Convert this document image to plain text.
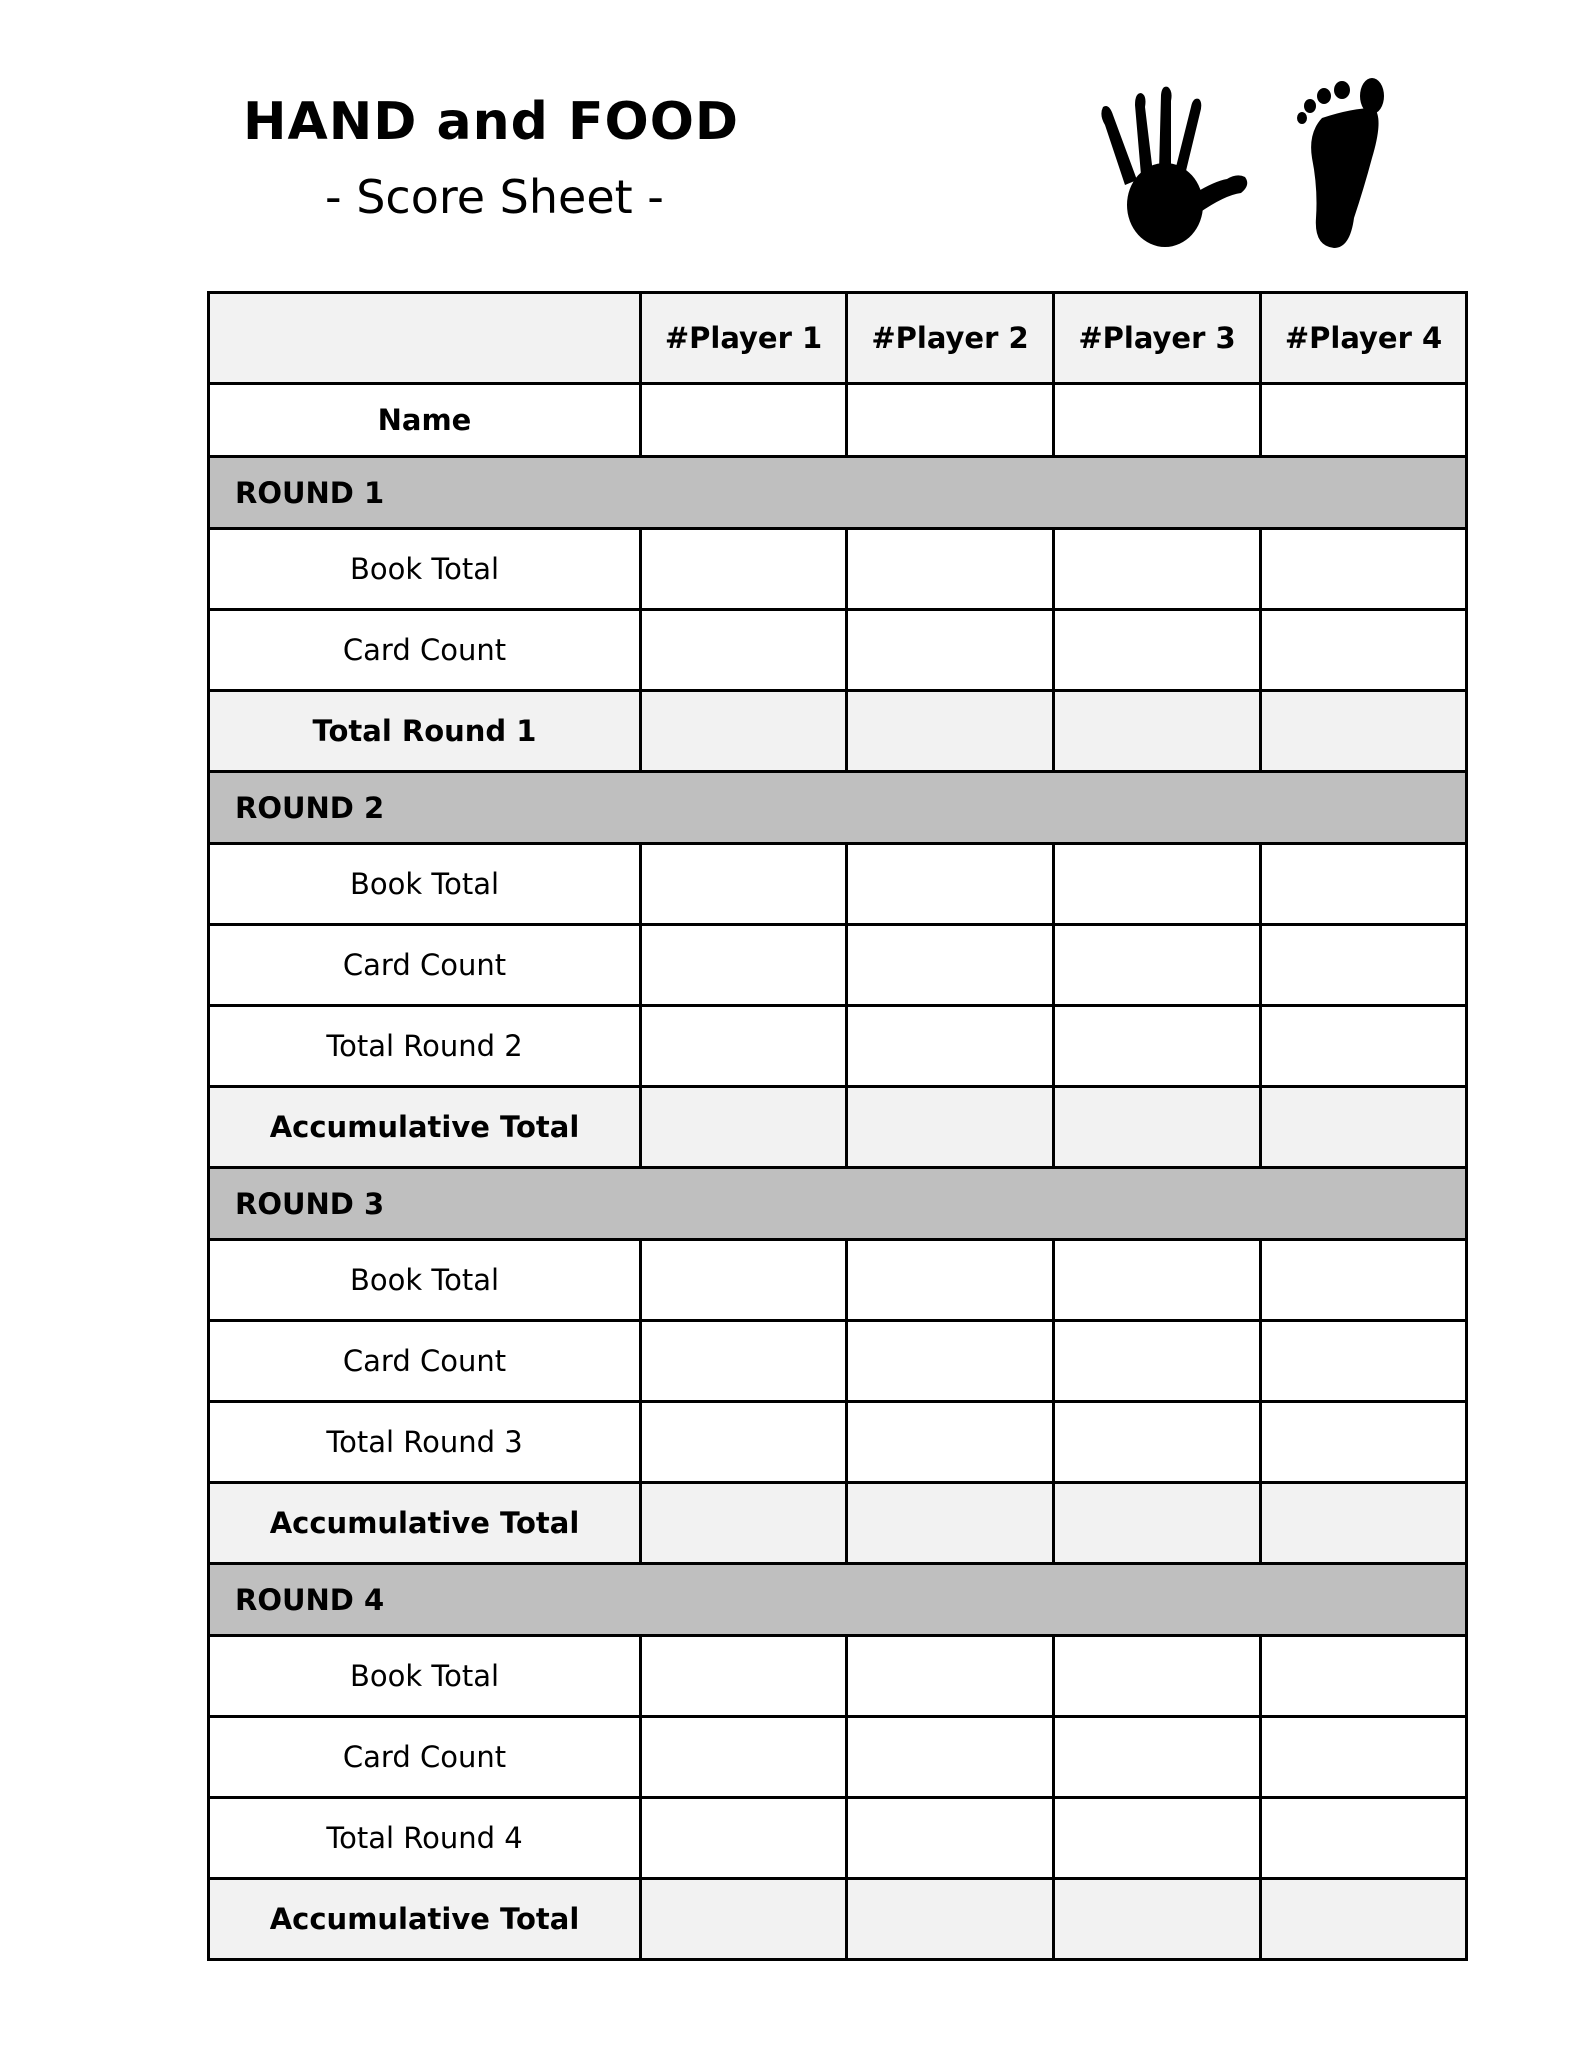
HAND and FOOD
- Score Sheet -
	#Player 1	#Player 2	#Player 3	#Player 4
Name				
ROUND 1				
Book Total				
Card Count				
Total Round 1				
ROUND 2				
Book Total				
Card Count				
Total Round 2				
Accumulative Total				
ROUND 3				
Book Total				
Card Count				
Total Round 3				
Accumulative Total				
ROUND 4				
Book Total				
Card Count				
Total Round 4				
Accumulative Total				
